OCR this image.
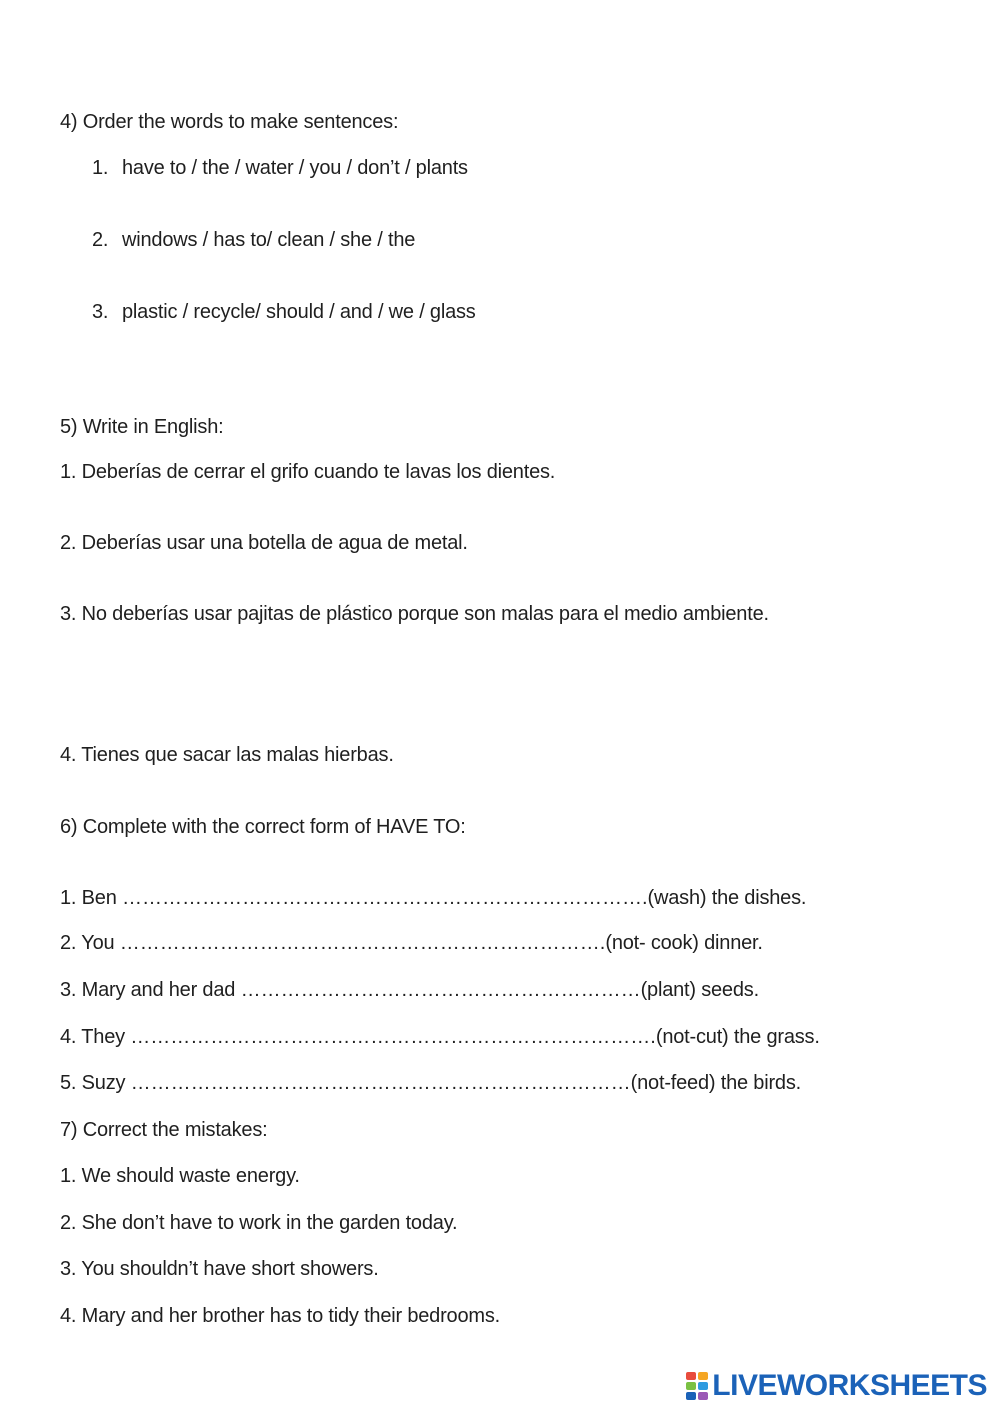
4) Order the words to make sentences:
1. have to / the / water / you / don’t / plants
2. windows / has to/ clean / she / the
3. plastic / recycle/ should / and / we / glass
5) Write in English:
1. Deberías de cerrar el grifo cuando te lavas los dientes.
2. Deberías usar una botella de agua de metal.
3. No deberías usar pajitas de plástico porque son malas para el medio ambiente.
4. Tienes que sacar las malas hierbas.
6) Complete with the correct form of HAVE TO:
1. Ben …………………………………………………………………….(wash) the dishes.
2. You ……………………………………………………………….(not- cook) dinner.
3. Mary and her dad ……………………………………………………(plant) seeds.
4. They …………………………………………………………………….(not-cut) the grass.
5. Suzy …………………………………………………………………(not-feed) the birds.
7) Correct the mistakes:
1. We should waste energy.
2. She don’t have to work in the garden today.
3. You shouldn’t have short showers.
4. Mary and her brother has to tidy their bedrooms.
LIVEWORKSHEETS
